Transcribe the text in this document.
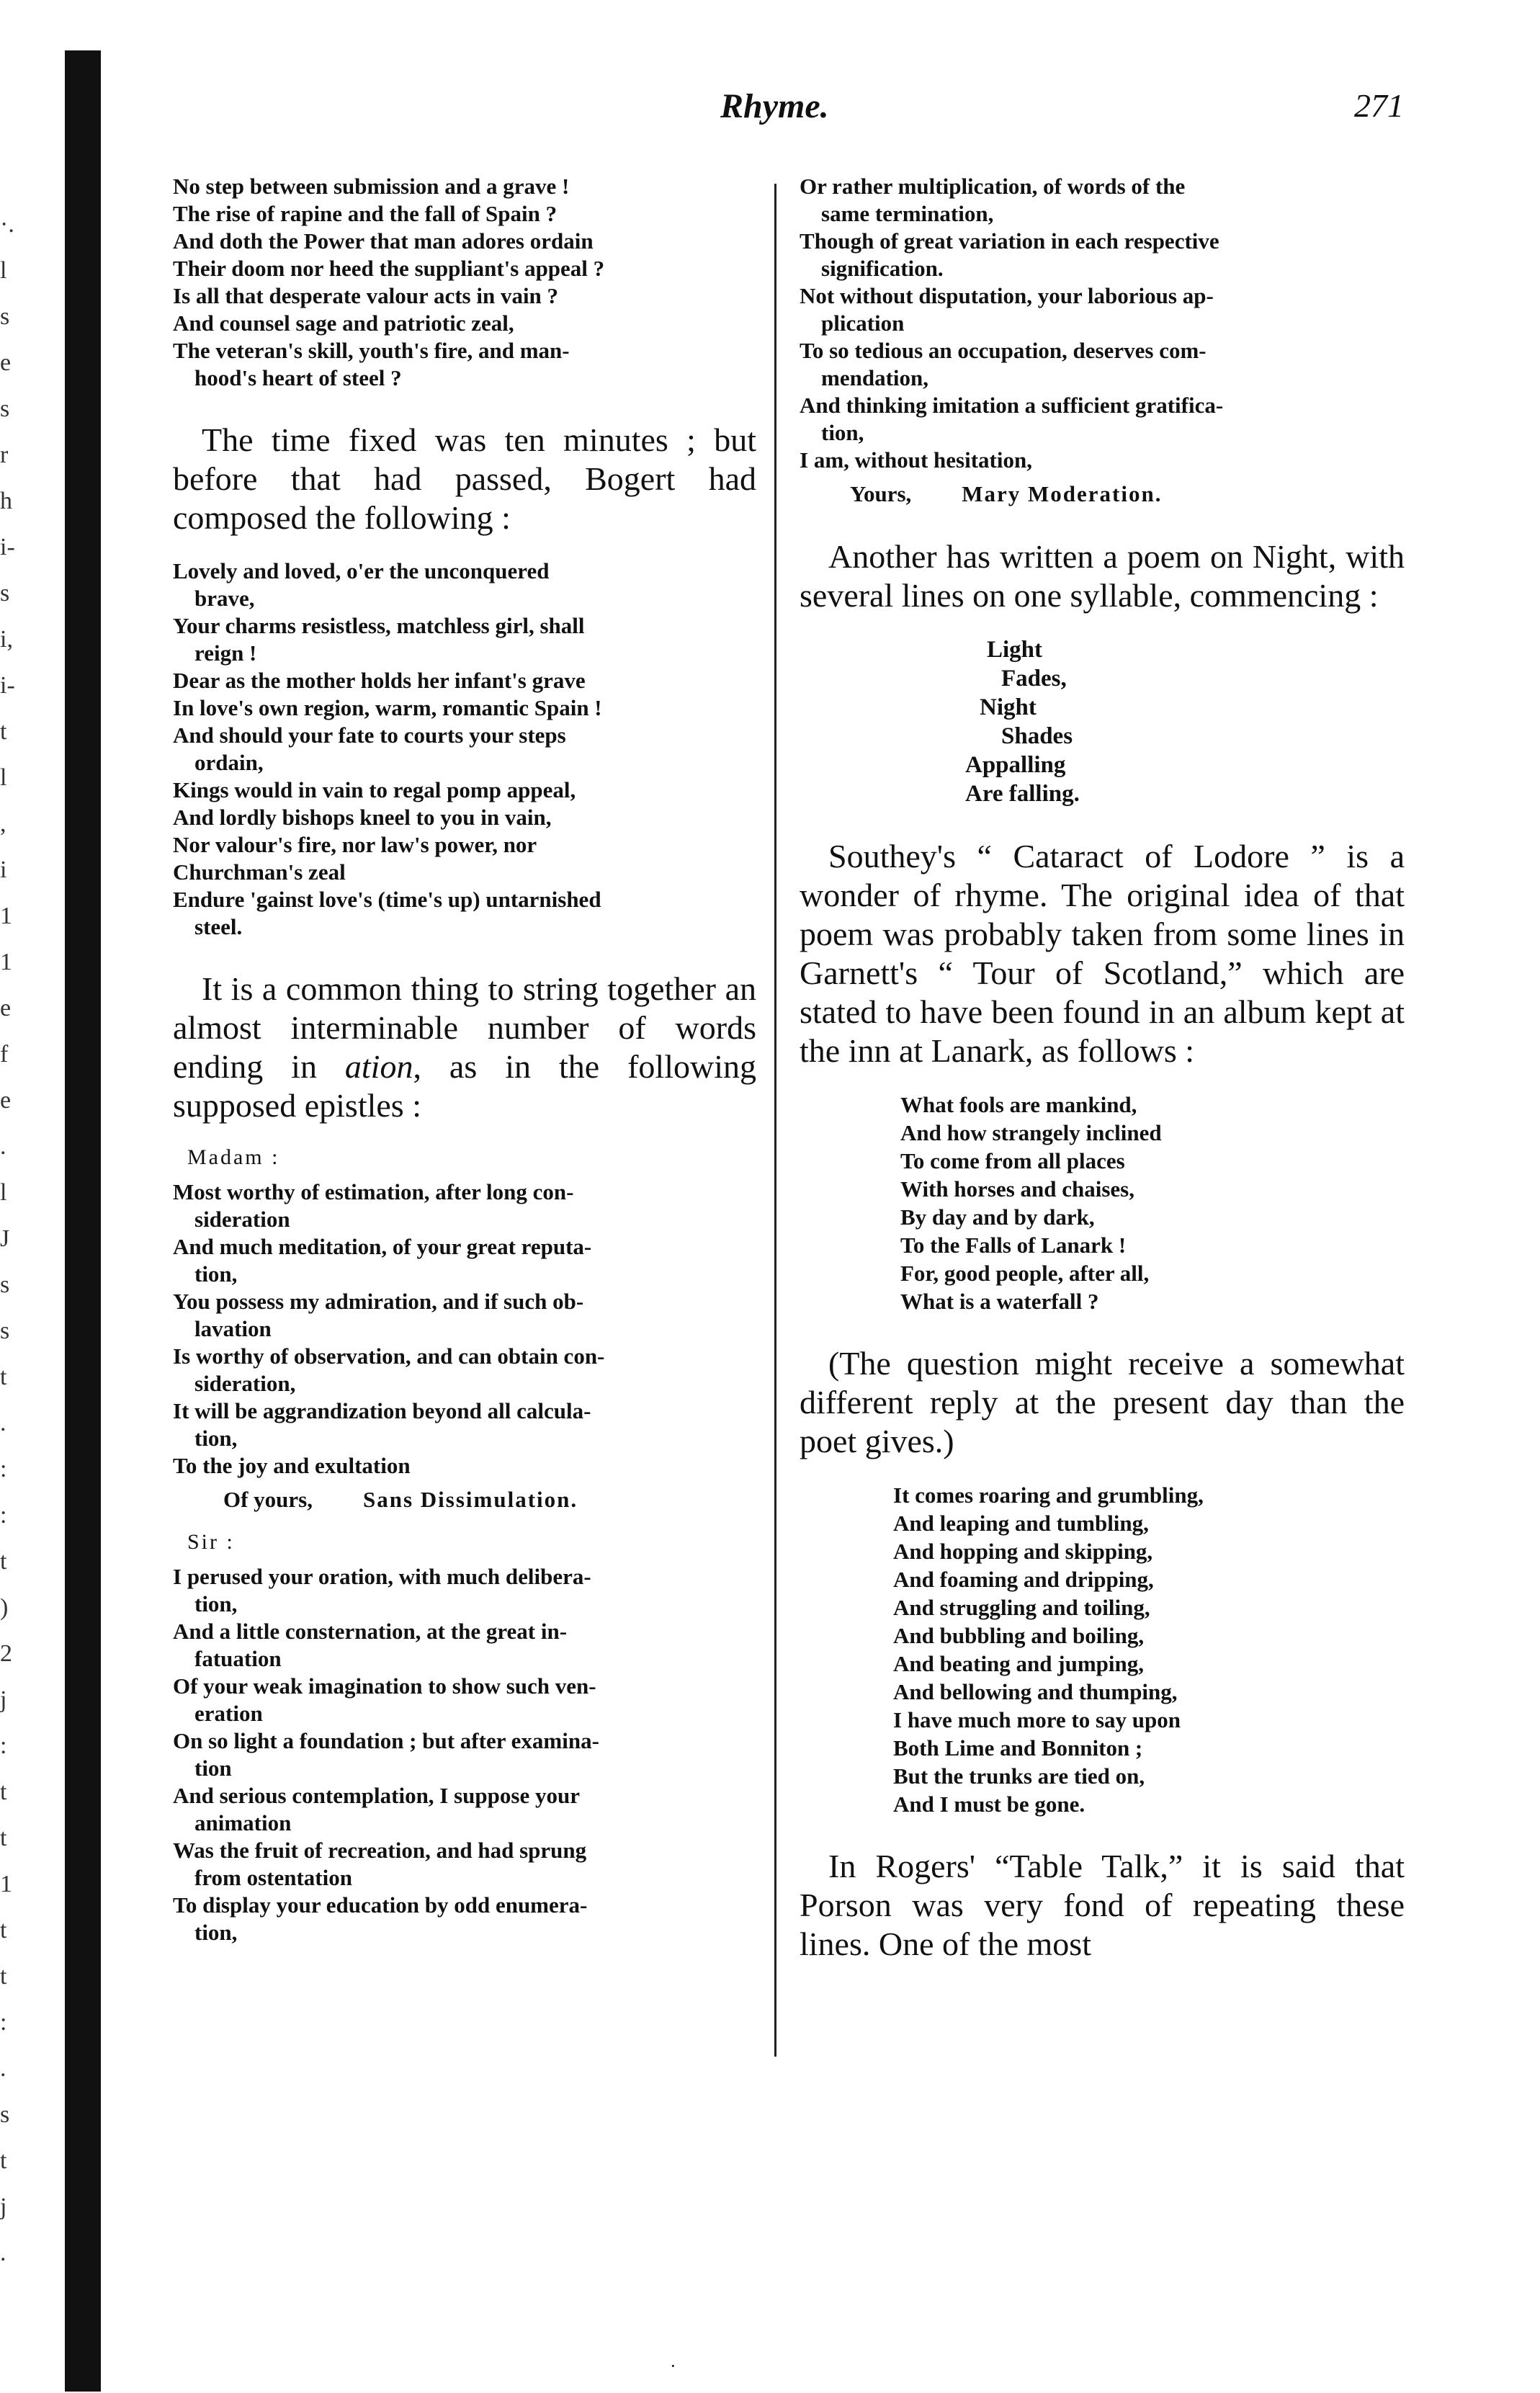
·.
l
s
e
s
r
h
i-
s
i,
i-
t
l
,
i
1
1
e
f
e
.
l
J
s
s
t
.
:
:
t
)
2
j
:
t
t
1
t
t
:
.
s
t
j
.
Rhyme.	271
No step between submission and a grave !
The rise of rapine and the fall of Spain ?
And doth the Power that man adores ordain
Their doom nor heed the suppliant's appeal ?
Is all that desperate valour acts in vain ?
And counsel sage and patriotic zeal,
The veteran's skill, youth's fire, and man-
hood's heart of steel ?

The time fixed was ten minutes ; but before that had passed, Bogert had composed the following :

Lovely and loved, o'er the unconquered
brave,
Your charms resistless, matchless girl, shall
reign !
Dear as the mother holds her infant's grave
In love's own region, warm, romantic Spain !
And should your fate to courts your steps
ordain,
Kings would in vain to regal pomp appeal,
And lordly bishops kneel to you in vain,
Nor valour's fire, nor law's power, nor
Churchman's zeal
Endure 'gainst love's (time's up) untarnished
steel.

It is a common thing to string together an almost interminable number of words ending in ation, as in the following supposed epistles :

Madam :
Most worthy of estimation, after long con-
sideration
And much meditation, of your great reputa-
tion,
You possess my admiration, and if such ob-
lavation
Is worthy of observation, and can obtain con-
sideration,
It will be aggrandization beyond all calcula-
tion,
To the joy and exultation
Of yours, Sans Dissimulation.
Sir :
I perused your oration, with much delibera-
tion,
And a little consternation, at the great in-
fatuation
Of your weak imagination to show such ven-
eration
On so light a foundation ; but after examina-
tion
And serious contemplation, I suppose your
animation
Was the fruit of recreation, and had sprung
from ostentation
To display your education by odd enumera-
tion,
Or rather multiplication, of words of the
same termination,
Though of great variation in each respective
signification.
Not without disputation, your laborious ap-
plication
To so tedious an occupation, deserves com-
mendation,
And thinking imitation a sufficient gratifica-
tion,
I am, without hesitation,
Yours, Mary Moderation.

Another has written a poem on Night, with several lines on one syllable, commencing :

Light
Fades,
Night
Shades
Appalling
Are falling.

Southey's “ Cataract of Lodore ” is a wonder of rhyme. The original idea of that poem was probably taken from some lines in Garnett's “ Tour of Scotland,” which are stated to have been found in an album kept at the inn at Lanark, as follows :

What fools are mankind,
And how strangely inclined
To come from all places
With horses and chaises,
By day and by dark,
To the Falls of Lanark !
For, good people, after all,
What is a waterfall ?

(The question might receive a somewhat different reply at the present day than the poet gives.)

It comes roaring and grumbling,
And leaping and tumbling,
And hopping and skipping,
And foaming and dripping,
And struggling and toiling,
And bubbling and boiling,
And beating and jumping,
And bellowing and thumping,
I have much more to say upon
Both Lime and Bonniton ;
But the trunks are tied on,
And I must be gone.

In Rogers' “Table Talk,” it is said that Porson was very fond of repeating these lines. One of the most

·
